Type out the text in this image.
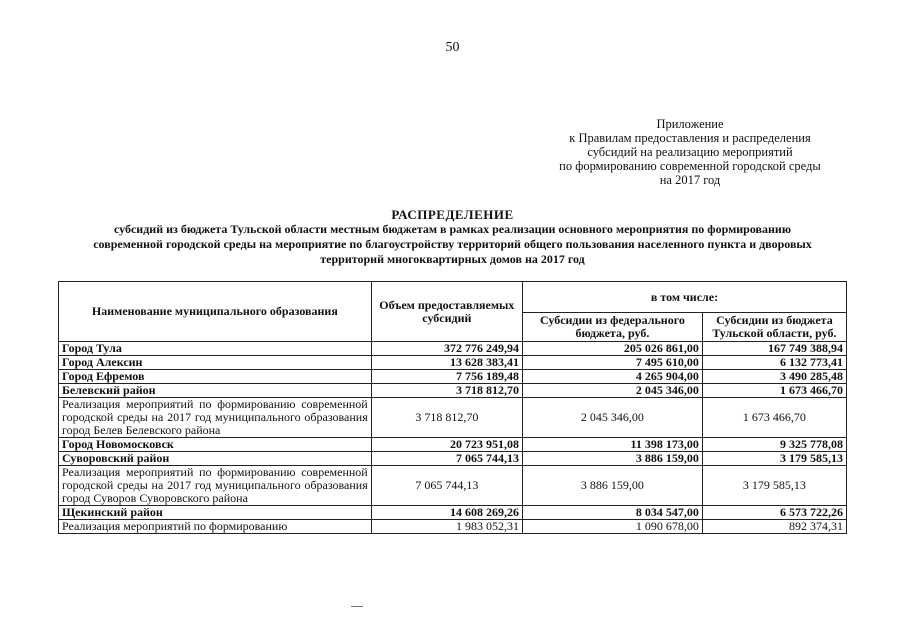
50
Приложение
к Правилам предоставления и распределения
субсидий на реализацию мероприятий
по формированию современной городской среды
на 2017 год
РАСПРЕДЕЛЕНИЕ
субсидий из бюджета Тульской области местным бюджетам в рамках реализации основного мероприятия по формированию
современной городской среды на мероприятие по благоустройству территорий общего пользования населенного пункта и дворовых
территорий многоквартирных домов на 2017 год
Наименование муниципального образования	Объем предоставляемых субсидий	в том числе:	
		Субсидии из федерального бюджета, руб.	Субсидии из бюджета Тульской области, руб.
Город Тула	372 776 249,94	205 026 861,00	167 749 388,94
Город Алексин	13 628 383,41	7 495 610,00	6 132 773,41
Город Ефремов	7 756 189,48	4 265 904,00	3 490 285,48
Белевский район	3 718 812,70	2 045 346,00	1 673 466,70
Реализация мероприятий по формированию современной городской среды на 2017 год муниципального образования город Белев Белевского района	3 718 812,70	2 045 346,00	1 673 466,70
Город Новомосковск	20 723 951,08	11 398 173,00	9 325 778,08
Суворовский район	7 065 744,13	3 886 159,00	3 179 585,13
Реализация мероприятий по формированию современной городской среды на 2017 год муниципального образования город Суворов Суворовского района	7 065 744,13	3 886 159,00	3 179 585,13
Щекинский район	14 608 269,26	8 034 547,00	6 573 722,26
Реализация мероприятий по формированию	1 983 052,31	1 090 678,00	892 374,31
